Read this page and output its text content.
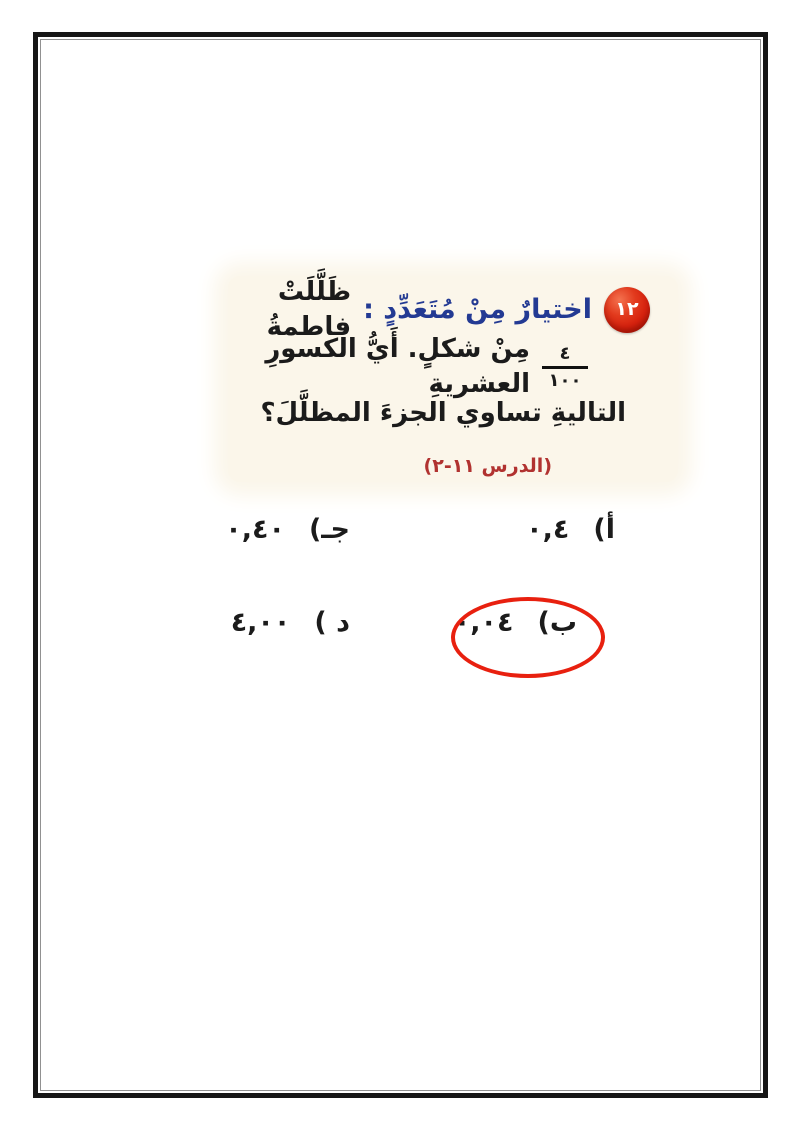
١٢
اختيارٌ مِنْ مُتَعَدِّدٍ :
ظَلَّلَتْ فاطمةُ
$\frac{٤}{١٠٠}$
مِنْ شكلٍ. أَيُّ الكسورِ العشريةِ
التاليةِ تساوي الجزءَ المظلَّلَ؟
(الدرس ١١-٢)
أ)
٠,٤
جـ)
٠,٤٠
ب)
٠,٠٤
د )
٤,٠٠
